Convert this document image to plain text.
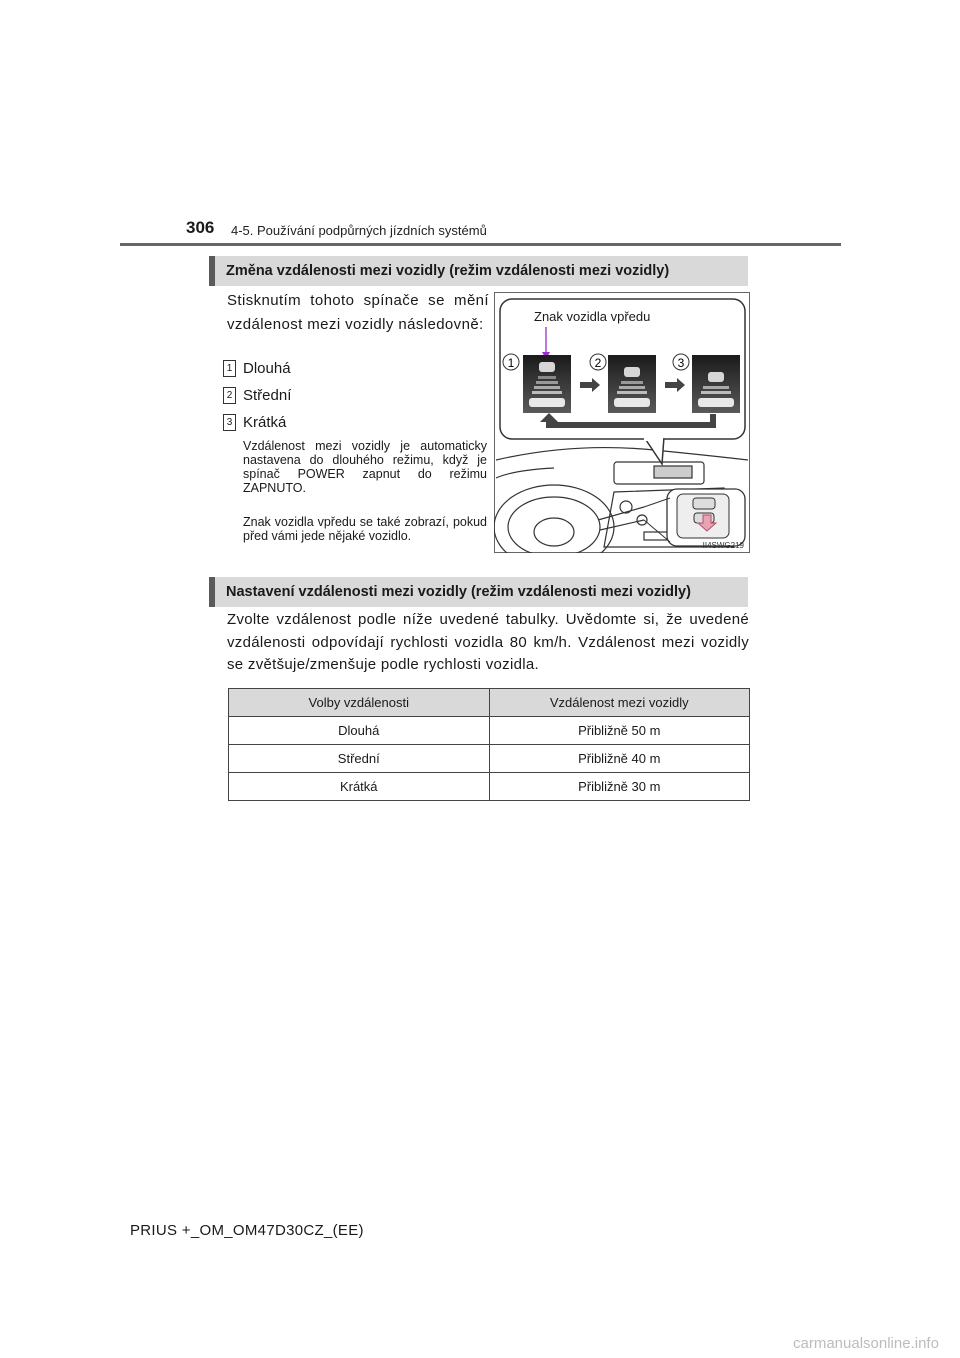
306 4-5. Používání podpůrných jízdních systémů
Změna vzdálenosti mezi vozidly (režim vzdálenosti mezi vozidly)
Stisknutím tohoto spínače se mění vzdálenost mezi vozidly následovně:
1 Dlouhá
2 Střední
3 Krátká
Vzdálenost mezi vozidly je automaticky nastavena do dlouhého režimu, když je spínač POWER zapnut do režimu ZAPNUTO.
Znak vozidla vpředu se také zobrazí, pokud před vámi jede nějaké vozidlo.
Znak vozidla vpředu
1	2	3
II4SWG219
Nastavení vzdálenosti mezi vozidly (režim vzdálenosti mezi vozidly)
Zvolte vzdálenost podle níže uvedené tabulky. Uvědomte si, že uvedené vzdálenosti odpovídají rychlosti vozidla 80 km/h. Vzdálenost mezi vozidly se zvětšuje/zmenšuje podle rychlosti vozidla.
Volby vzdálenosti	Vzdálenost mezi vozidly
Dlouhá	Přibližně 50 m
Střední	Přibližně 40 m
Krátká	Přibližně 30 m
PRIUS +_OM_OM47D30CZ_(EE)
carmanualsonline.info
